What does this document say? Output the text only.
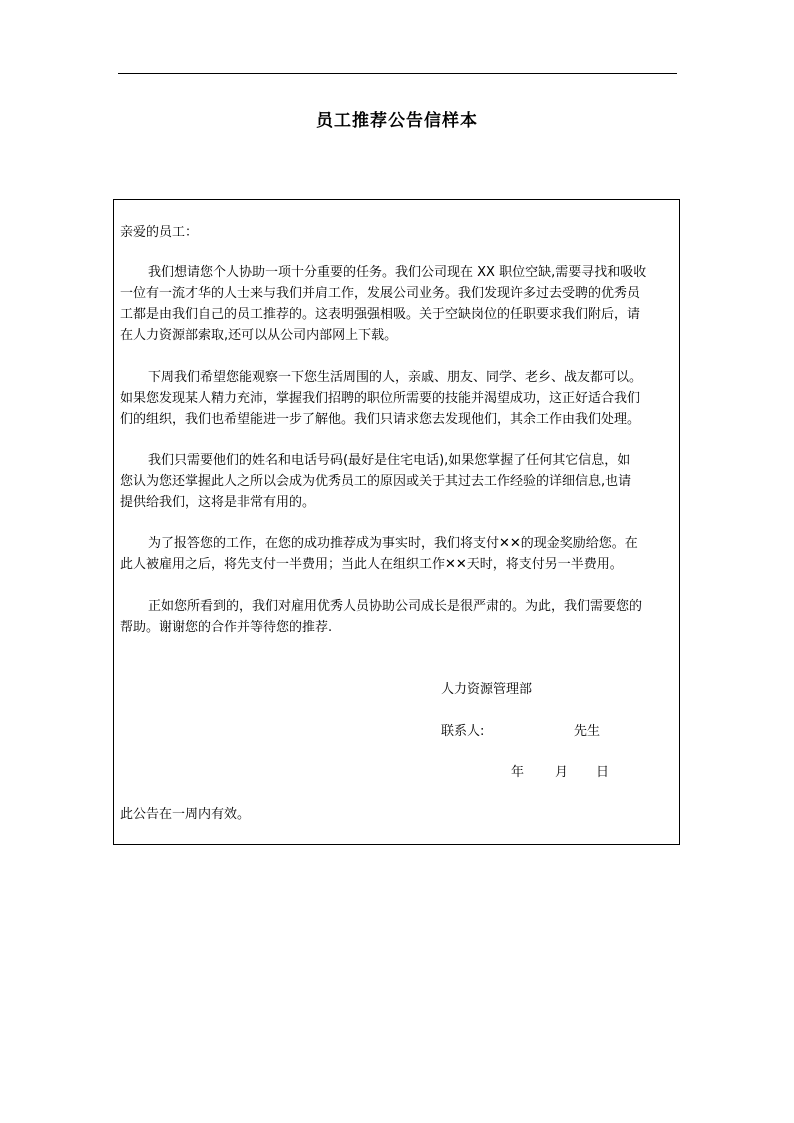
员工推荐公告信样本
亲爱的员工：
我们想请您个人协助一项十分重要的任务。我们公司现在 XX 职位空缺,需要寻找和吸收
一位有一流才华的人士来与我们并肩工作，发展公司业务。我们发现许多过去受聘的优秀员
工都是由我们自己的员工推荐的。这表明强强相吸。关于空缺岗位的任职要求我们附后，请
在人力资源部索取,还可以从公司内部网上下载。
下周我们希望您能观察一下您生活周围的人，亲戚、朋友、同学、老乡、战友都可以。
如果您发现某人精力充沛，掌握我们招聘的职位所需要的技能并渴望成功，这正好适合我们
们的组织，我们也希望能进一步了解他。我们只请求您去发现他们，其余工作由我们处理。
我们只需要他们的姓名和电话号码(最好是住宅电话),如果您掌握了任何其它信息，如
您认为您还掌握此人之所以会成为优秀员工的原因或关于其过去工作经验的详细信息,也请
提供给我们，这将是非常有用的。
为了报答您的工作，在您的成功推荐成为事实时，我们将支付✕✕的现金奖励给您。在
此人被雇用之后，将先支付一半费用；当此人在组织工作✕✕天时，将支付另一半费用。
正如您所看到的，我们对雇用优秀人员协助公司成长是很严肃的。为此，我们需要您的
帮助。谢谢您的合作并等待您的推荐.
人力资源管理部
联系人:	先生
年 月 日
此公告在一周内有效。
